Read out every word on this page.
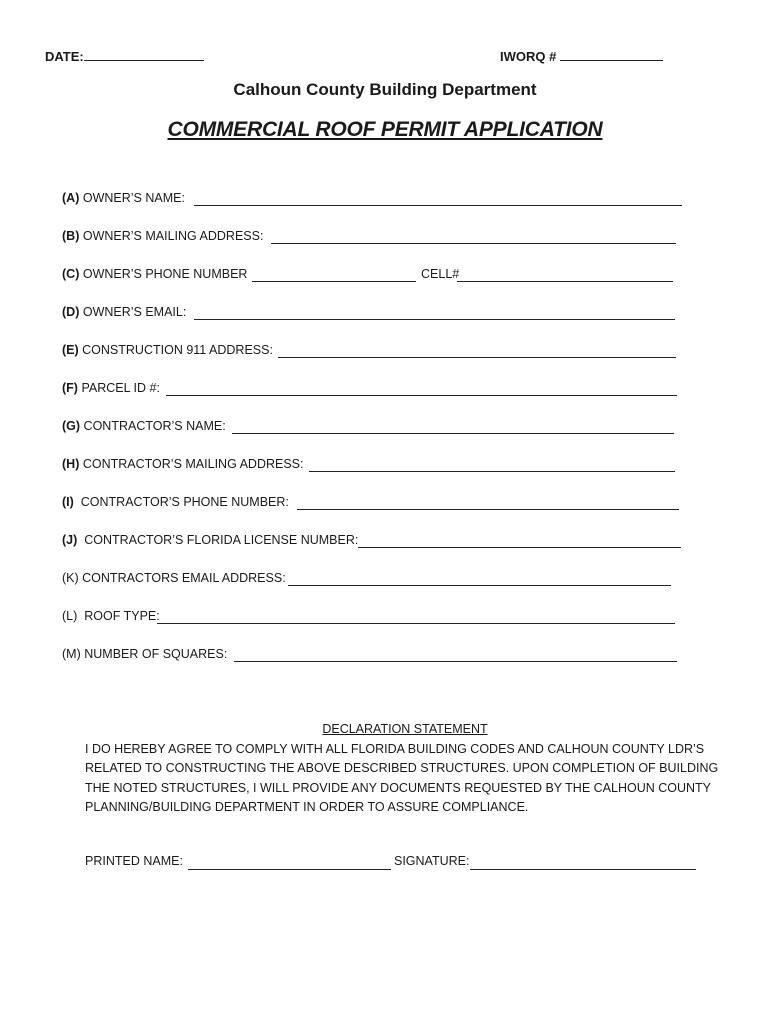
DATE:	IWORQ #
Calhoun County Building Department
COMMERCIAL ROOF PERMIT APPLICATION
(A) OWNER’S NAME:
(B) OWNER’S MAILING ADDRESS:
(C) OWNER’S PHONE NUMBER	CELL#
(D) OWNER’S EMAIL:
(E) CONSTRUCTION 911 ADDRESS:
(F) PARCEL ID #:
(G) CONTRACTOR’S NAME:
(H) CONTRACTOR’S MAILING ADDRESS:
(I) CONTRACTOR’S PHONE NUMBER:
(J) CONTRACTOR’S FLORIDA LICENSE NUMBER:
(K) CONTRACTORS EMAIL ADDRESS:
(L) ROOF TYPE:
(M) NUMBER OF SQUARES:
DECLARATION STATEMENT
I DO HEREBY AGREE TO COMPLY WITH ALL FLORIDA BUILDING CODES AND CALHOUN COUNTY LDR’S
RELATED TO CONSTRUCTING THE ABOVE DESCRIBED STRUCTURES. UPON COMPLETION OF BUILDING
THE NOTED STRUCTURES, I WILL PROVIDE ANY DOCUMENTS REQUESTED BY THE CALHOUN COUNTY
PLANNING/BUILDING DEPARTMENT IN ORDER TO ASSURE COMPLIANCE.
PRINTED NAME:	SIGNATURE:
